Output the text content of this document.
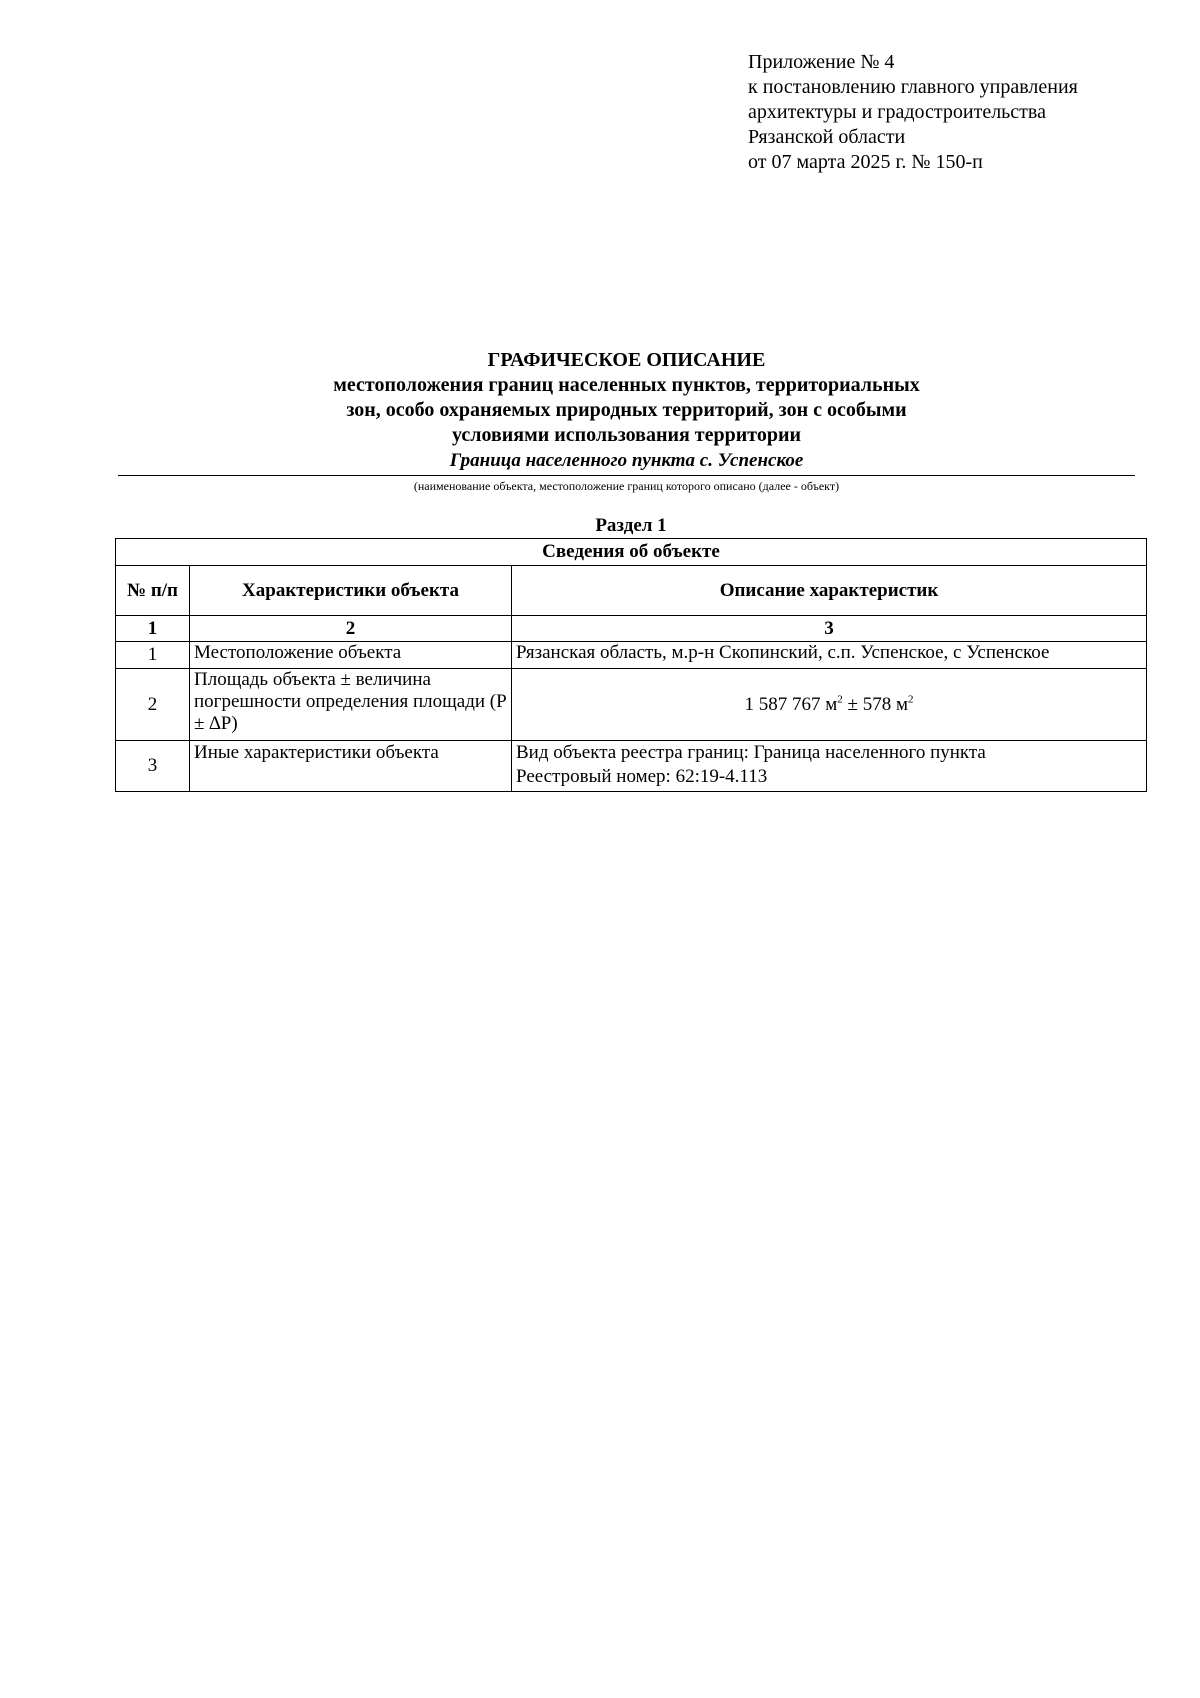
Приложение № 4
к постановлению главного управления
архитектуры и градостроительства
Рязанской области
от 07 марта 2025 г. № 150-п
ГРАФИЧЕСКОЕ ОПИСАНИЕ
местоположения границ населенных пунктов, территориальных
зон, особо охраняемых природных территорий, зон с особыми
условиями использования территории
Граница населенного пункта с. Успенское
(наименование объекта, местоположение границ которого описано (далее - объект)
Раздел 1
Сведения об объекте		
№ п/п	Характеристики объекта	Описание характеристик
1	2	3
1	Местоположение объекта	Рязанская область, м.р-н Скопинский, с.п. Успенское, с Успенское
2	Площадь объекта ± величина погрешности определения площади (Р ± ∆Р)	1 587 767 $м^2 \pm 578$ $м^2$
3	Иные характеристики объекта	Вид объекта реестра границ: Граница населенного пункта
Реестровый номер: 62:19-4.113
